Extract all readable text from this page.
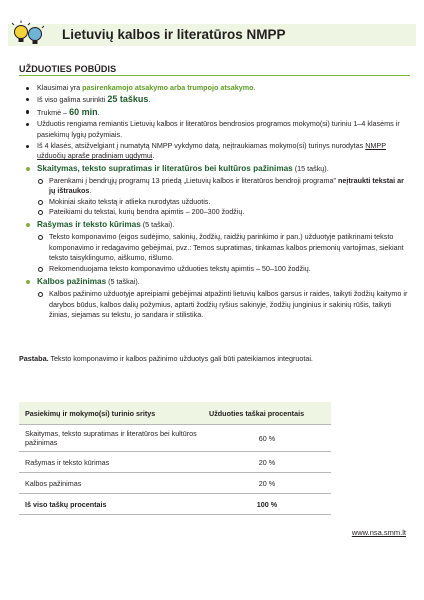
Lietuvių kalbos ir literatūros NMPP
UŽDUOTIES POBŪDIS
Klausimai yra pasirenkamojo atsakymo arba trumpojo atsakymo.
Iš viso galima surinkti 25 taškus.
Trukmė – 60 min.
Užduotis rengiama remiantis Lietuvių kalbos ir literatūros bendrosios programos mokymo(si) turiniu 1–4 klasėms ir pasiekimų lygių požymiais.
Iš 4 klasės, atsižvelgiant į numatytą NMPP vykdymo datą, neįtraukiamas mokymo(si) turinys nurodytas NMPP užduočių apraše pradiniam ugdymui.
Skaitymas, teksto supratimas ir literatūros bei kultūros pažinimas (15 taškų).
Parenkami į bendrųjų programų 13 priedą „Lietuvių kalbos ir literatūros bendroji programa" neįtraukti tekstai ar jų ištraukos.
Mokiniai skaito tekstą ir atlieka nurodytas užduotis.
Pateikiami du tekstai, kurių bendra apimtis – 200–300 žodžių.
Rašymas ir teksto kūrimas (5 taškai).
Teksto komponavimo (eigos sudėjimo, sakinių, žodžių, raidžių parinkimo ir pan.) užduotyje patikrinami teksto komponavimo ir redagavimo gebėjimai, pvz.: Temos supratimas, tinkamas kalbos priemonių vartojimas, siekiant teksto taisyklingumo, aiškumo, rišlumo.
Rekomenduojama teksto komponavimo užduoties tekstų apimtis – 50–100 žodžių.
Kalbos pažinimas (5 taškai).
Kalbos pažinimo užduotyje apreipiami gebėjimai atpažinti lietuvių kalbos garsus ir raides, taikyti žodžių kaitymo ir darybos būdus, kalbos dalių požymius, aptarti žodžių ryšius sakinyje, žodžių junginius ir sakinių rūšis, taikyti žinias, siejamas su tekstu, jo sandara ir stilistika.
Pastaba. Teksto komponavimo ir kalbos pažinimo užduotys gali būti pateikiamos integruotai.
Pasiekimų ir mokymo(si) turinio sritys	Užduoties taškai procentais
Skaitymas, teksto supratimas ir literatūros bei kultūros pažinimas	60 %
Rašymas ir teksto kūrimas	20 %
Kalbos pažinimas	20 %
Iš viso taškų procentais	100 %
www.nsa.smm.lt
